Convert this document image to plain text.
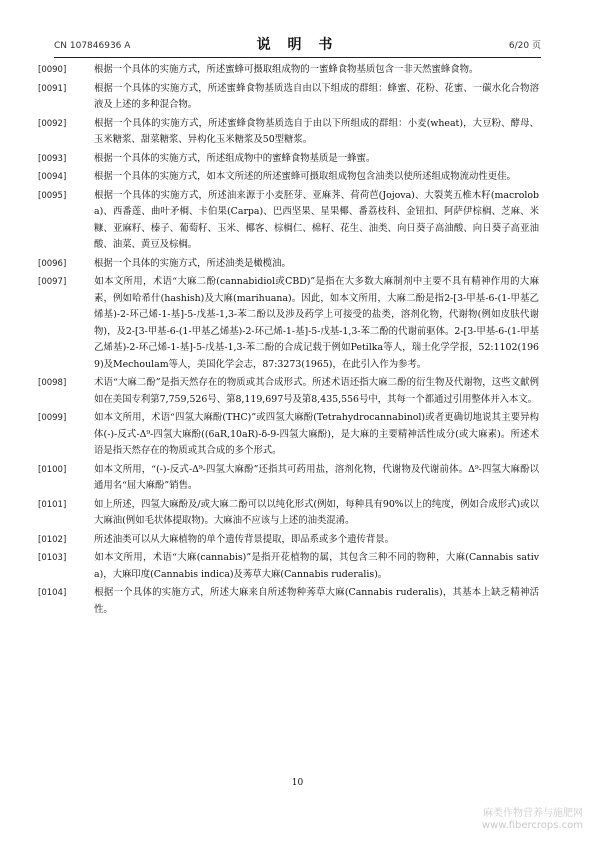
CN 107846936 A	说 明 书	6/20 页

[0090]	根据一个具体的实施方式，所述蜜蜂可摄取组成物的一蜜蜂食物基质包含一非天然蜜蜂食物。

[0091]	根据一个具体的实施方式，所述蜜蜂食物基质选自由以下组成的群组：蜂蜜、花粉、花蜜、一碳水化合物溶液及上述的多种混合物。

[0092]	根据一个具体的实施方式，所述蜜蜂食物基质选自于由以下所组成的群组：小麦(wheat)，大豆粉、酵母、玉米糖浆、甜菜糖浆、异构化玉米糖浆及50型糖浆。

[0093]	根据一个具体的实施方式，所述组成物中的蜜蜂食物基质是一蜂蜜。

[0094]	根据一个具体的实施方式，如本文所述的所述蜜蜂可摄取组成物包含油类以使所述组成物流动性更佳。

[0095]	根据一个具体的实施方式，所述油来源于小麦胚芽、亚麻荠、荷荷芭(Jojova)、大裂荚五椎木籽(macroloba)、西番莲、曲叶矛榈、卡伯果(Carpa)、巴西坚果、星果椰、番荔枝科、金钮扣、阿萨伊棕榈、芝麻、米糠、亚麻籽、榛子、葡萄籽、玉米、椰客、棕榈仁、棉籽、花生、油类、向日葵子高油酸、向日葵子高亚油酸、油菜、黄豆及棕榈。

[0096]	根据一个具体的实施方式，所述油类是橄榄油。

[0097]	如本文所用，术语“大麻二酚(cannabidiol或CBD)”是指在大多数大麻制剂中主要不具有精神作用的大麻素，例如哈希什(hashish)及大麻(marihuana)。因此，如本文所用，大麻二酚是指2-[3-甲基-6-(1-甲基乙烯基)-2-环己烯-1-基]-5-戊基-1,3-苯二酚以及涉及药学上可接受的盐类，溶剂化物，代谢物(例如皮肤代谢物)，及2-[3-甲基-6-(1-甲基乙烯基)-2-环己烯-1-基]-5-戊基-1,3-苯二酚的代谢前驱体。2-[3-甲基-6-(1-甲基乙烯基)-2-环己烯-1-基]-5-戊基-1,3-苯二酚的合成记载于例如Petilka等人，瑞士化学学报，52:1102(1969)及Mechoulam等人，美国化学会志，87:3273(1965)，在此引入作为参考。

[0098]	术语“大麻二酚”是指天然存在的物质或其合成形式。所述术语还指大麻二酚的衍生物及代谢物，这些文献例如在美国专利第7,759,526号、第8,119,697号及第8,435,556号中，其每一个都通过引用整体并入本文。

[0099]	如本文所用，术语“四氢大麻酚(THC)”或四氢大麻酚(Tetrahydrocannabinol)或者更确切地说其主要异构体(-)-反式-Δ⁹-四氢大麻酚((6aR,10aR)-δ-9-四氢大麻酚)，是大麻的主要精神活性成分(或大麻素)。所述术语是指天然存在的物质或其合成的多个形式。

[0100]	如本文所用，“(-)-反式-Δ⁹-四氢大麻酚”还指其可药用盐，溶剂化物，代谢物及代谢前体。Δ⁹-四氢大麻酚以通用名“屈大麻酚”销售。

[0101]	如上所述，四氢大麻酚及/或大麻二酚可以以纯化形式(例如，每种具有90%以上的纯度，例如合成形式)或以大麻油(例如毛状体提取物)。大麻油不应该与上述的油类混淆。

[0102]	所述油类可以从大麻植物的单个遗传背景提取，即品系或多个遗传背景。

[0103]	如本文所用，术语“大麻(cannabis)”是指开花植物的属，其包含三种不同的物种，大麻(Cannabis sativa)，大麻印度(Cannabis indica)及莠草大麻(Cannabis ruderalis)。

[0104]	根据一个具体的实施方式，所述大麻来自所述物种莠草大麻(Cannabis ruderalis)，其基本上缺乏精神活性。

10
麻类作物营养与施肥网
www.fibercrops.com
